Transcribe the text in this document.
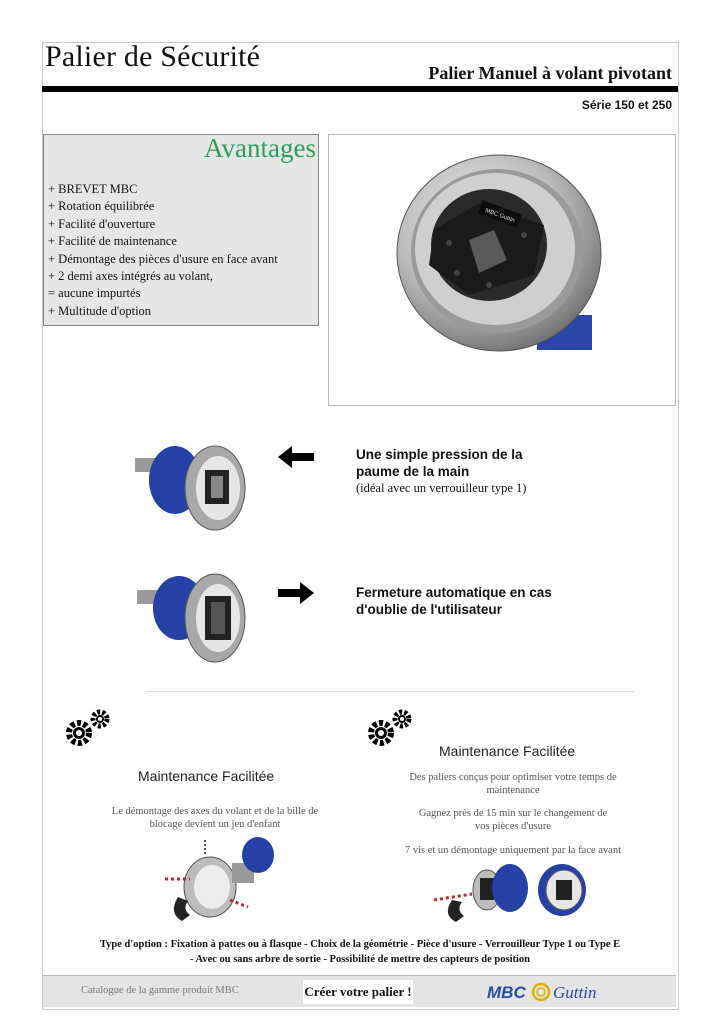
Palier de Sécurité	Palier Manuel à volant pivotant
Série 150 et 250
Avantages
+ BREVET MBC
+ Rotation équilibrée
+ Facilité d'ouverture
+ Facilité de maintenance
+ Démontage des pièces d'usure en face avant
+ 2 demi axes intégrés au volant,
= aucune impurtés
+ Multitude d'option
MBC Guttin
Une simple pression de la
paume de la main
(idéal avec un verrouilleur type 1)
Fermeture automatique en cas
d'oublie de l'utilisateur
Maintenance Facilitée
Le démontage des axes du volant et de la bille de
blocage devient un jeu d'enfant
Maintenance Facilitée
Des paliers conçus pour optimiser votre temps de
maintenance
Gagnez près de 15 min sur le changement de
vos pièces d'usure
7 vis et un démontage uniquement par la face avant
Type d'option : Fixation à pattes ou à flasque - Choix de la géométrie - Pièce d'usure - Verrouilleur Type 1 ou Type E
- Avec ou sans arbre de sortie - Possibilité de mettre des capteurs de position
Catalogue de la gamme produit MBC	Créer votre palier !	MBC Guttin
